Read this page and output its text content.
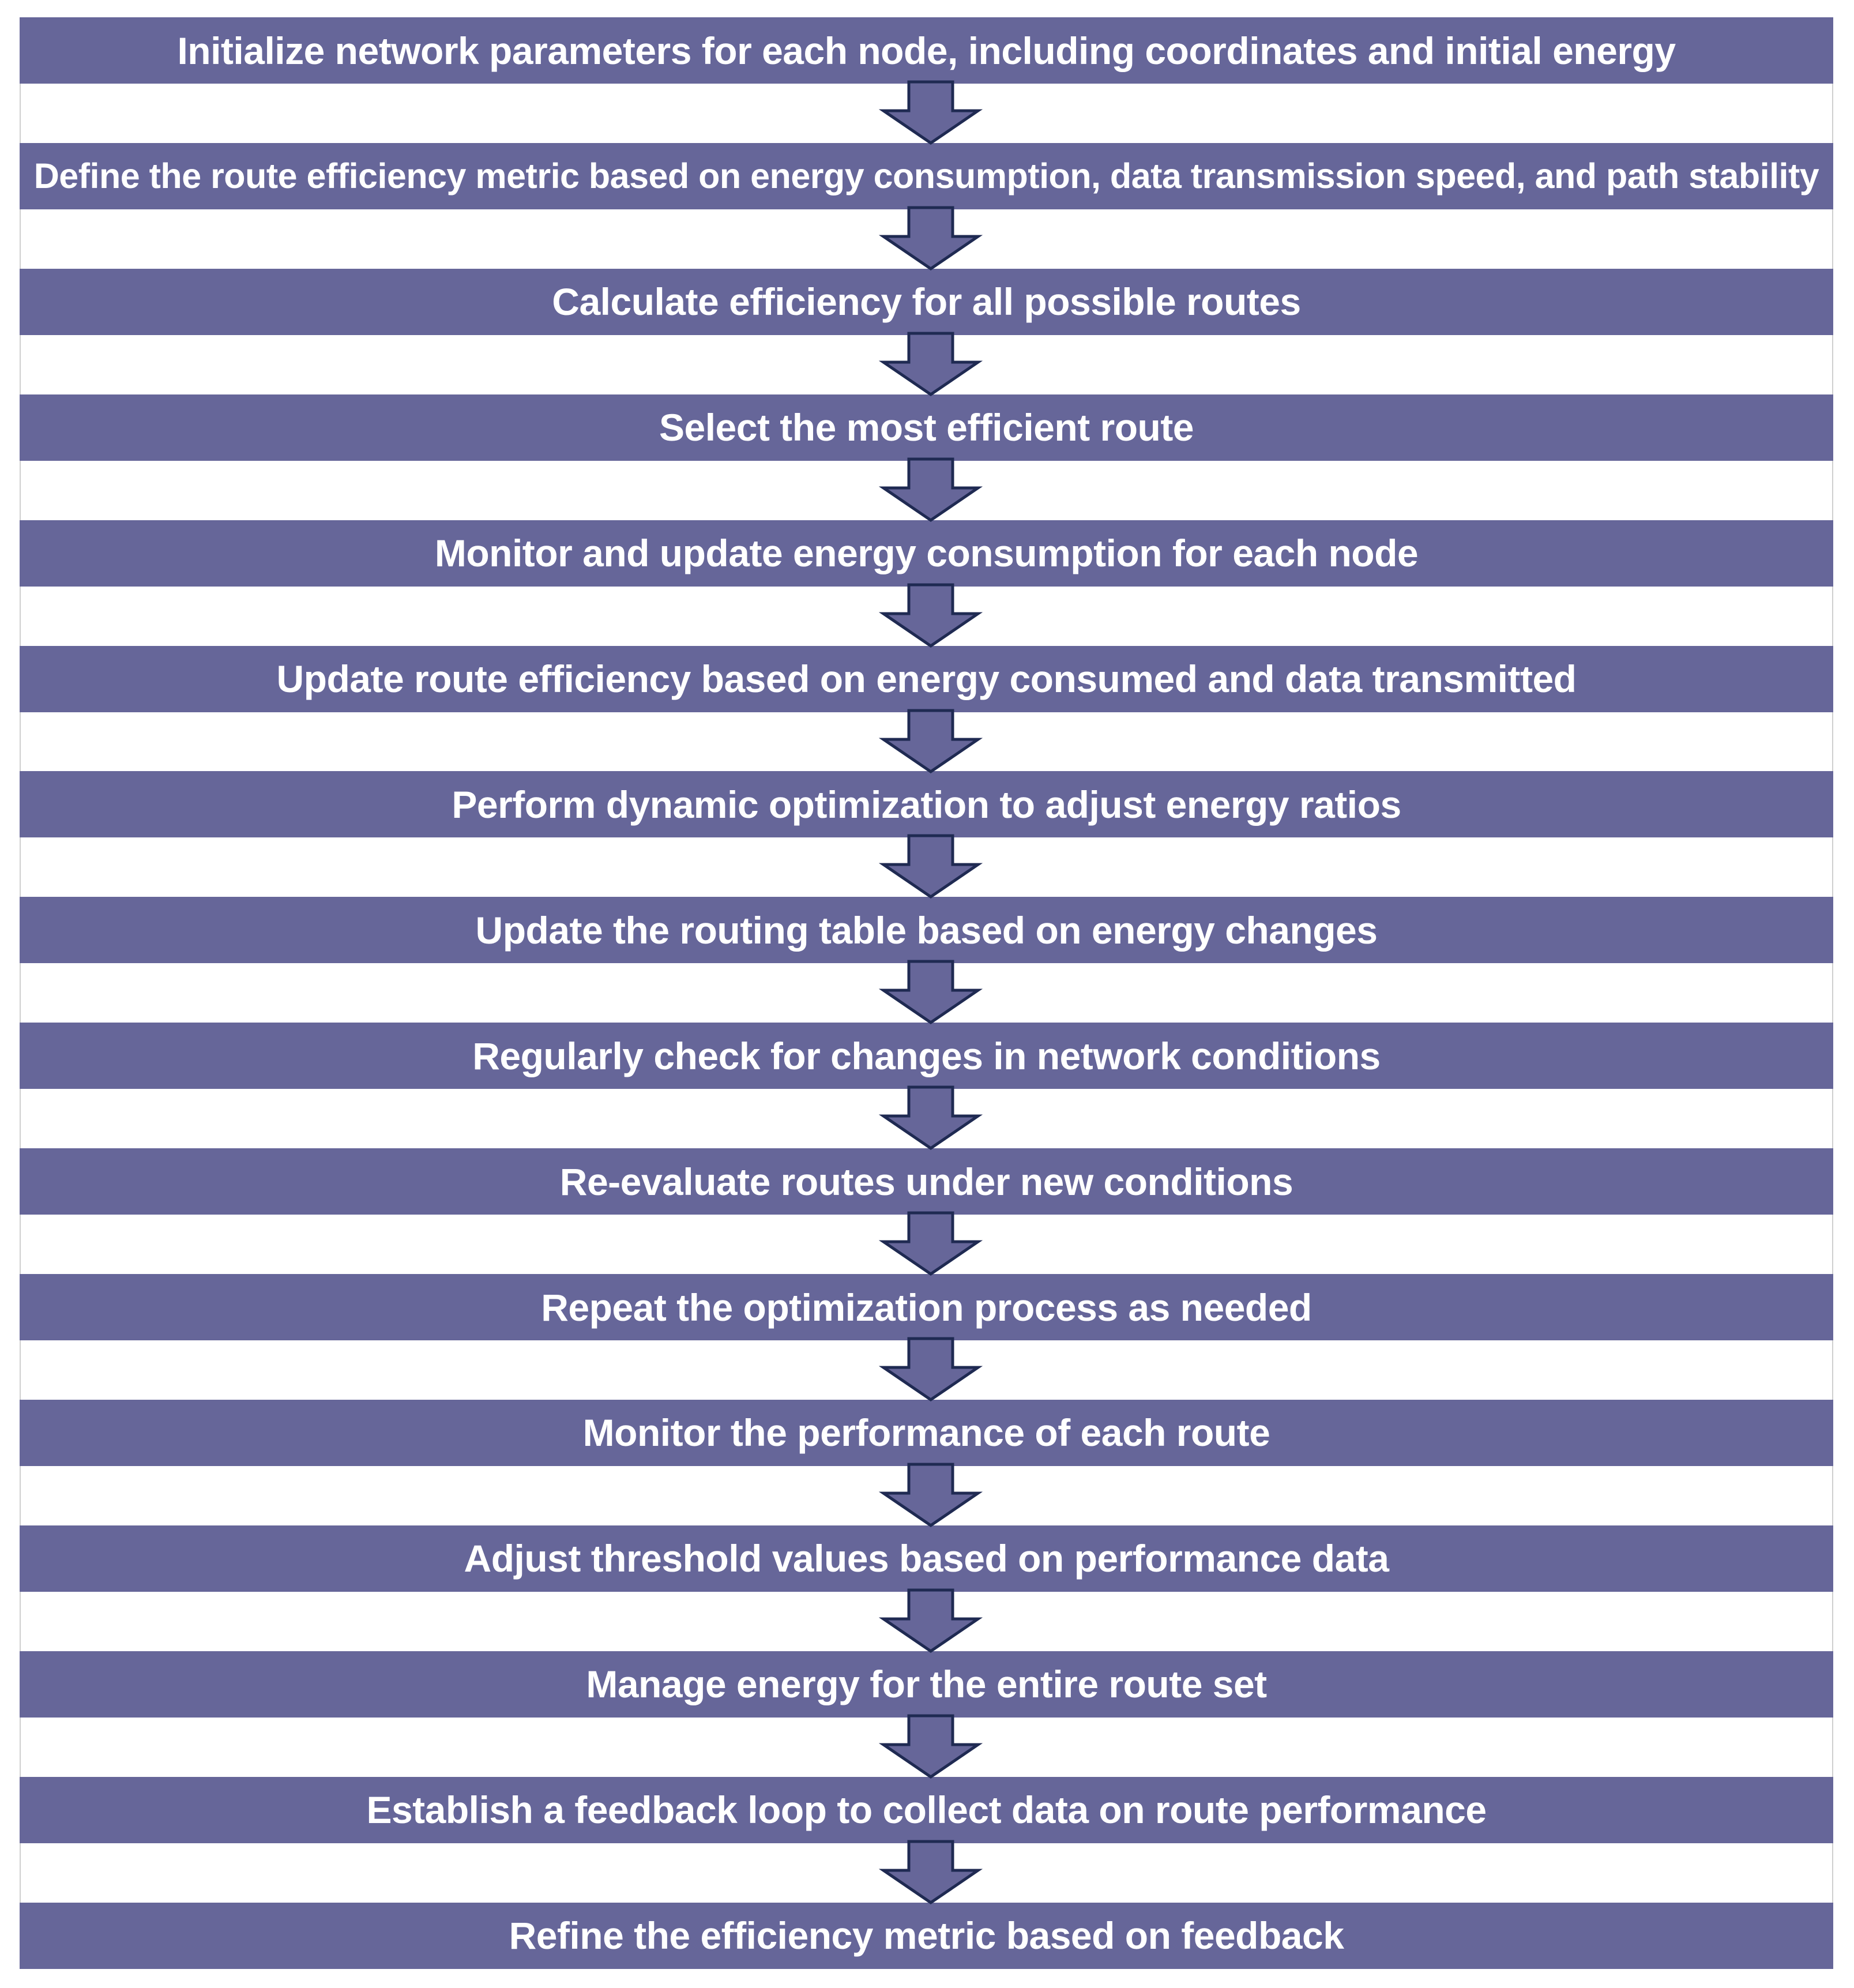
Initialize network parameters for each node, including coordinates and initial energy
Define the route efficiency metric based on energy consumption, data transmission speed, and path stability
Calculate efficiency for all possible routes
Select the most efficient route
Monitor and update energy consumption for each node
Update route efficiency based on energy consumed and data transmitted
Perform dynamic optimization to adjust energy ratios
Update the routing table based on energy changes
Regularly check for changes in network conditions
Re-evaluate routes under new conditions
Repeat the optimization process as needed
Monitor the performance of each route
Adjust threshold values based on performance data
Manage energy for the entire route set
Establish a feedback loop to collect data on route performance
Refine the efficiency metric based on feedback
